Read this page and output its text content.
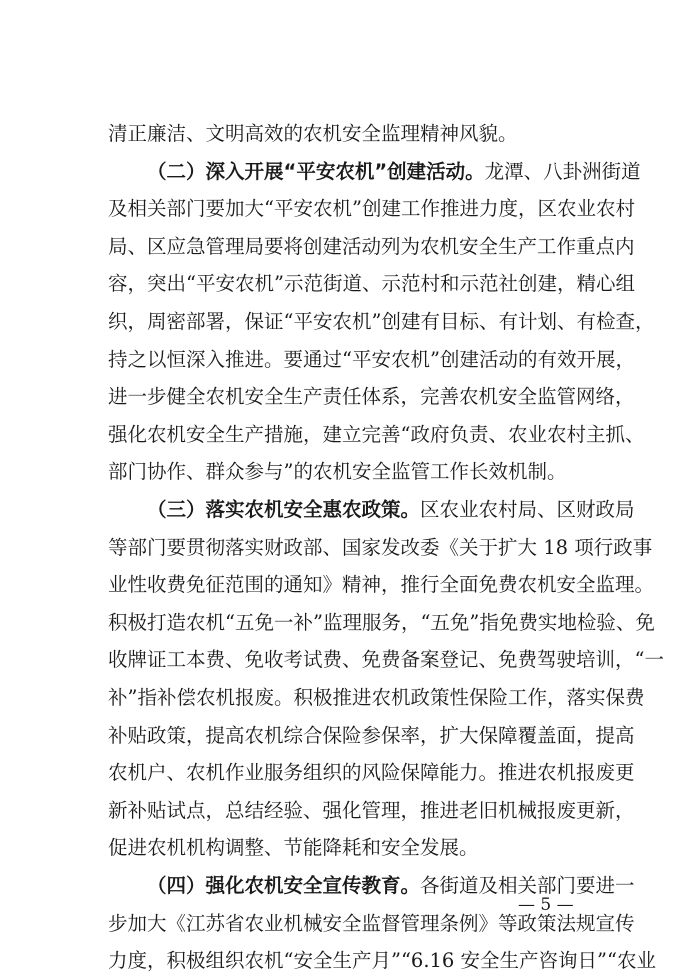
清正廉洁、文明高效的农机安全监理精神风貌。
（二）深入开展“平安农机”创建活动。龙潭、八卦洲街道
及相关部门要加大“平安农机”创建工作推进力度，区农业农村
局、区应急管理局要将创建活动列为农机安全生产工作重点内
容，突出“平安农机”示范街道、示范村和示范社创建，精心组
织，周密部署，保证“平安农机”创建有目标、有计划、有检查，
持之以恒深入推进。要通过“平安农机”创建活动的有效开展，
进一步健全农机安全生产责任体系，完善农机安全监管网络，
强化农机安全生产措施，建立完善“政府负责、农业农村主抓、
部门协作、群众参与”的农机安全监管工作长效机制。
（三）落实农机安全惠农政策。区农业农村局、区财政局
等部门要贯彻落实财政部、国家发改委《关于扩大 18 项行政事
业性收费免征范围的通知》精神，推行全面免费农机安全监理。
积极打造农机“五免一补”监理服务，“五免”指免费实地检验、免
收牌证工本费、免收考试费、免费备案登记、免费驾驶培训，“一
补”指补偿农机报废。积极推进农机政策性保险工作，落实保费
补贴政策，提高农机综合保险参保率，扩大保障覆盖面，提高
农机户、农机作业服务组织的风险保障能力。推进农机报废更
新补贴试点，总结经验、强化管理，推进老旧机械报废更新，
促进农机机构调整、节能降耗和安全发展。
（四）强化农机安全宣传教育。各街道及相关部门要进一
步加大《江苏省农业机械安全监督管理条例》等政策法规宣传
力度，积极组织农机“安全生产月”“6.16 安全生产咨询日”“农业
— 5 —
